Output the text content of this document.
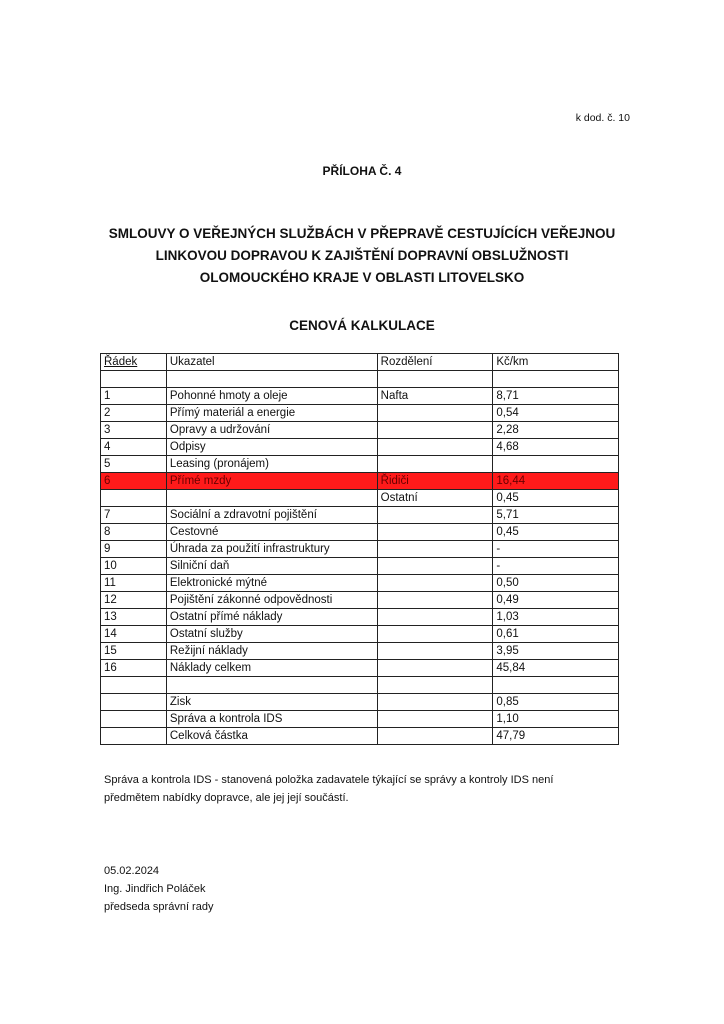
k dod. č. 10
PŘÍLOHA Č. 4
SMLOUVY O VEŘEJNÝCH SLUŽBÁCH V PŘEPRAVĚ CESTUJÍCÍCH VEŘEJNOU
LINKOVOU DOPRAVOU K ZAJIŠTĚNÍ DOPRAVNÍ OBSLUŽNOSTI
OLOMOUCKÉHO KRAJE V OBLASTI LITOVELSKO
CENOVÁ KALKULACE
Řádek	Ukazatel	Rozdělení	Kč/km

1	Pohonné hmoty a oleje	Nafta	8,71
2	Přímý materiál a energie		0,54
3	Opravy a udržování		2,28
4	Odpisy		4,68
5	Leasing (pronájem)		
6	Přímé mzdy	Řidiči	16,44
		Ostatní	0,45
7	Sociální a zdravotní pojištění		5,71
8	Cestovné		0,45
9	Úhrada za použití infrastruktury		-
10	Silniční daň		-
11	Elektronické mýtné		0,50
12	Pojištění zákonné odpovědnosti		0,49
13	Ostatní přímé náklady		1,03
14	Ostatní služby		0,61
15	Režijní náklady		3,95
16	Náklady celkem		45,84

	Zisk		0,85
	Správa a kontrola IDS		1,10
	Celková částka		47,79
Správa a kontrola IDS - stanovená položka zadavatele týkající se správy a kontroly IDS není
předmětem nabídky dopravce, ale jej její součástí.
05.02.2024
Ing. Jindřich Poláček
předseda správní rady
